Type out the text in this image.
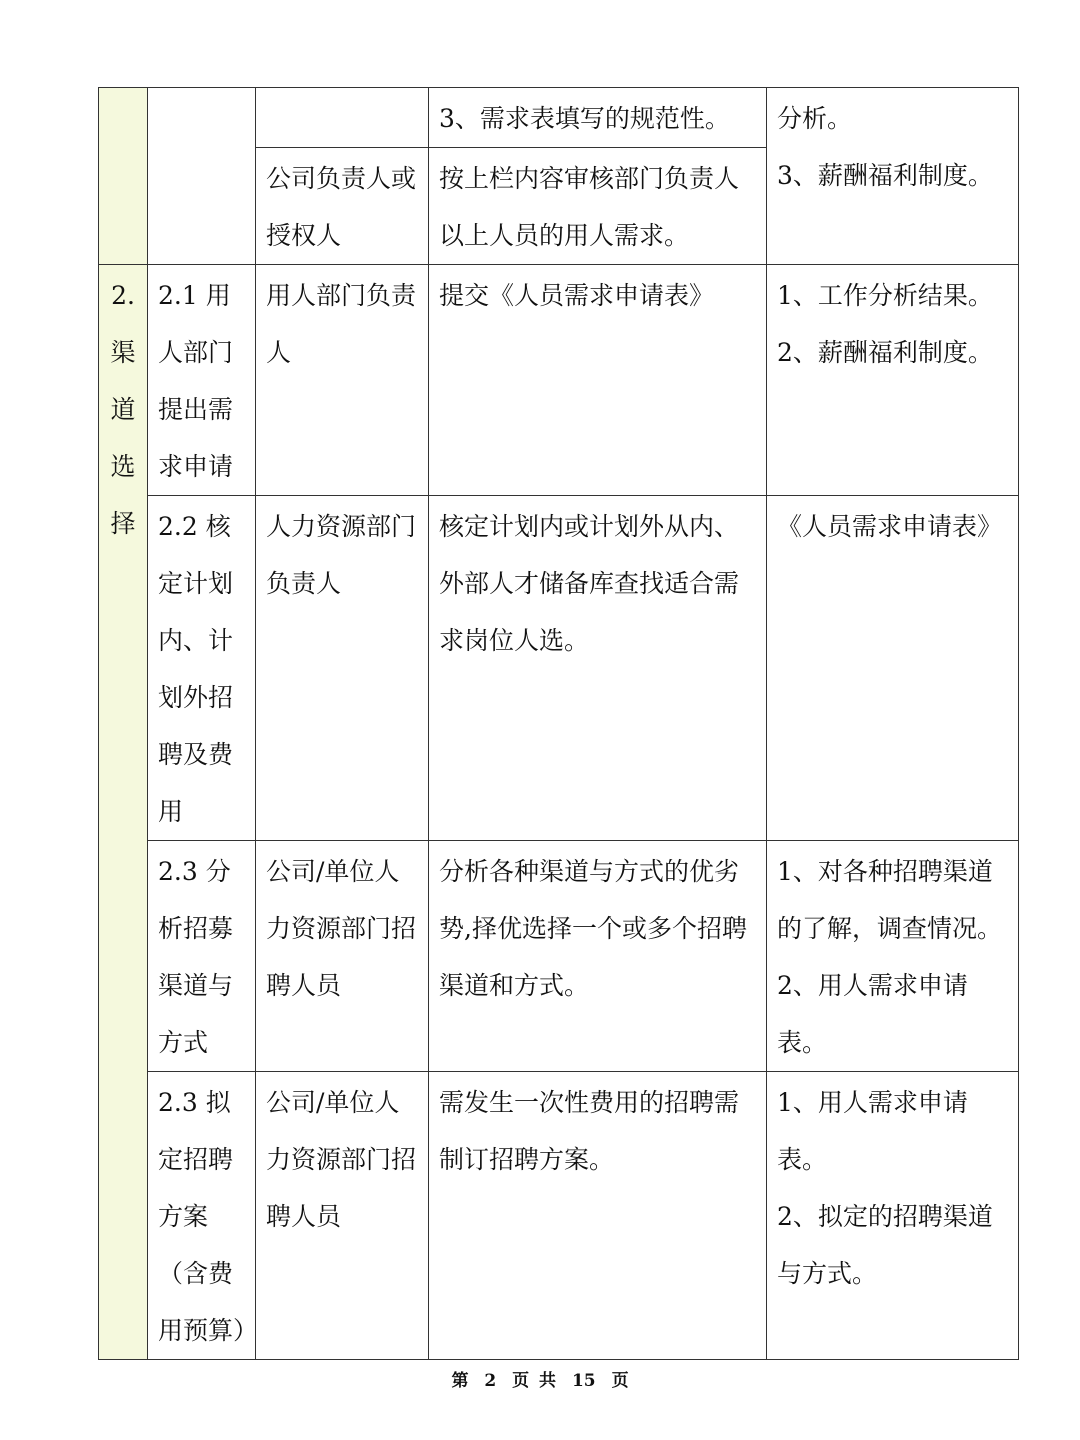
			3、需求表填写的规范性。	分析。
3、薪酬福利制度。

		公司负责人或授权人	按上栏内容审核部门负责人以上人员的用人需求。	

2.
渠道选择	2.1 用人部门提出需求申请	用人部门负责人	提交《人员需求申请表》	1、工作分析结果。
2、薪酬福利制度。

	2.2 核定计划内、计划外招聘及费用	人力资源部门负责人	核定计划内或计划外从内、外部人才储备库查找适合需求岗位人选。	《人员需求申请表》

	2.3 分析招募渠道与方式	公司/单位人力资源部门招聘人员	分析各种渠道与方式的优劣势,择优选择一个或多个招聘渠道和方式。	1、对各种招聘渠道的了解，调查情况。2、用人需求申请表。

	2.3 拟定招聘方案（含费用预算）	公司/单位人力资源部门招聘人员	需发生一次性费用的招聘需制订招聘方案。	1、用人需求申请表。
2、拟定的招聘渠道与方式。
第 2 页 共 15 页
